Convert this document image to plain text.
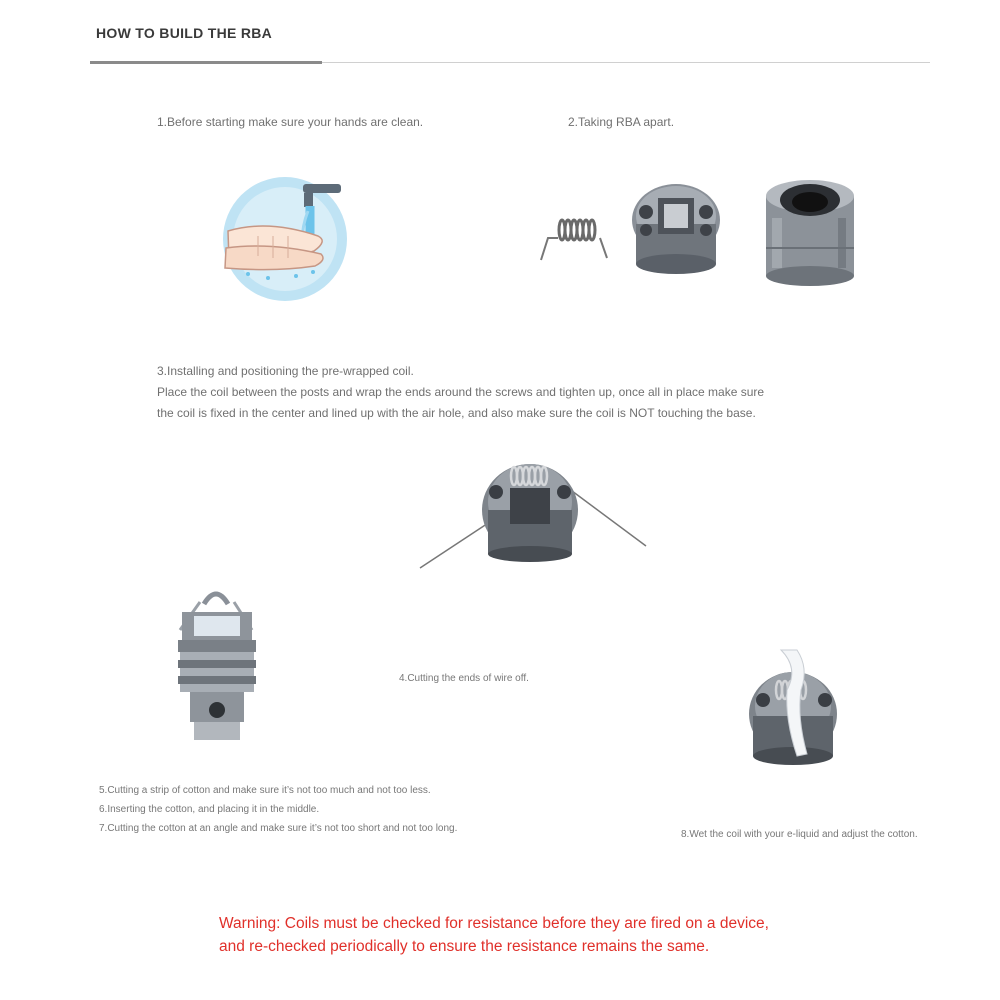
HOW TO BUILD THE RBA
1.Before starting make sure your hands are clean.	2.Taking RBA apart.
3.Installing and positioning the pre-wrapped coil.
Place the coil between the posts and wrap the ends around the screws and tighten up, once all in place make sure
the coil is fixed in the center and lined up with the air hole, and also make sure the coil is NOT touching the base.
4.Cutting the ends of wire off.
5.Cutting a strip of cotton and make sure it’s not too much and not too less.
6.Inserting the cotton, and placing it in the middle.
7.Cutting the cotton at an angle and make sure it’s not too short and not too long.
8.Wet the coil with your e-liquid and adjust the cotton.
Warning: Coils must be checked for resistance before they are fired on a device,
and re-checked periodically to ensure the resistance remains the same.
